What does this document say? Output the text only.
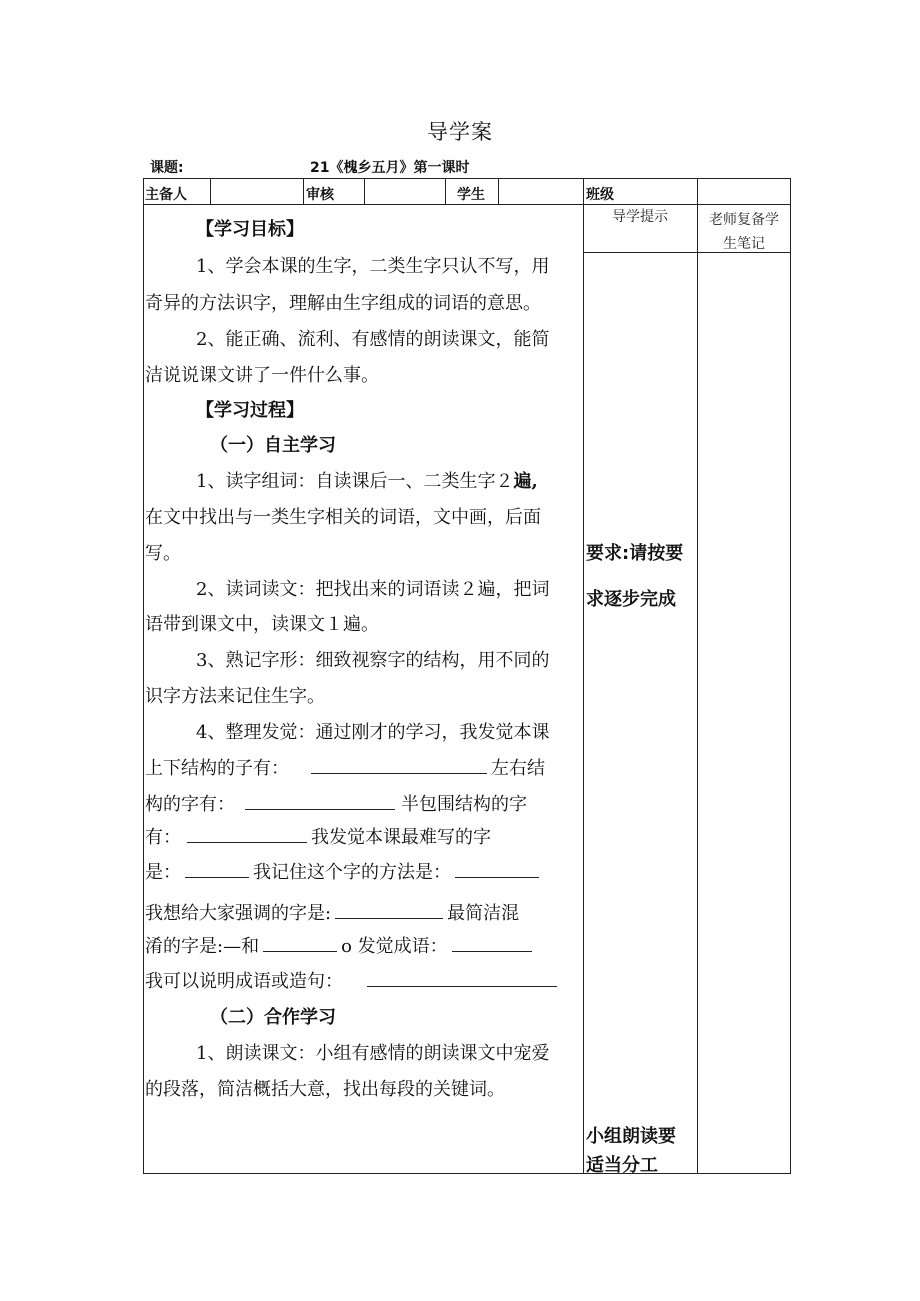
导学案
课题:	21《槐乡五月》第一课时
主备人	审核	学生	班级
导学提示	老师复备学
生笔记
【学习目标】
1、学会本课的生字，二类生字只认不写，用
奇异的方法识字，理解由生字组成的词语的意思。
2、能正确、流利、有感情的朗读课文，能简
洁说说课文讲了一件什么事。
【学习过程】
（一）自主学习
1、读字组词：自读课后一、二类生字２遍,
在文中找出与一类生字相关的词语，文中画，后面
写。
2、读词读文：把找出来的词语读２遍，把词
语带到课文中，读课文１遍。
3、熟记字形：细致视察字的结构，用不同的
识字方法来记住生字。
4、整理发觉：通过刚才的学习，我发觉本课
上下结构的子有：	左右结
构的字有：	半包围结构的字
有：	我发觉本课最难写的字
是：	我记住这个字的方法是：
我想给大家强调的字是:	最简洁混
淆的字是:—和	o 发觉成语：
我可以说明成语或造句：
（二）合作学习
1、朗读课文：小组有感情的朗读课文中宠爱
的段落，简洁概括大意，找出每段的关键词。
要求:请按要
求逐步完成
小组朗读要
适当分工
